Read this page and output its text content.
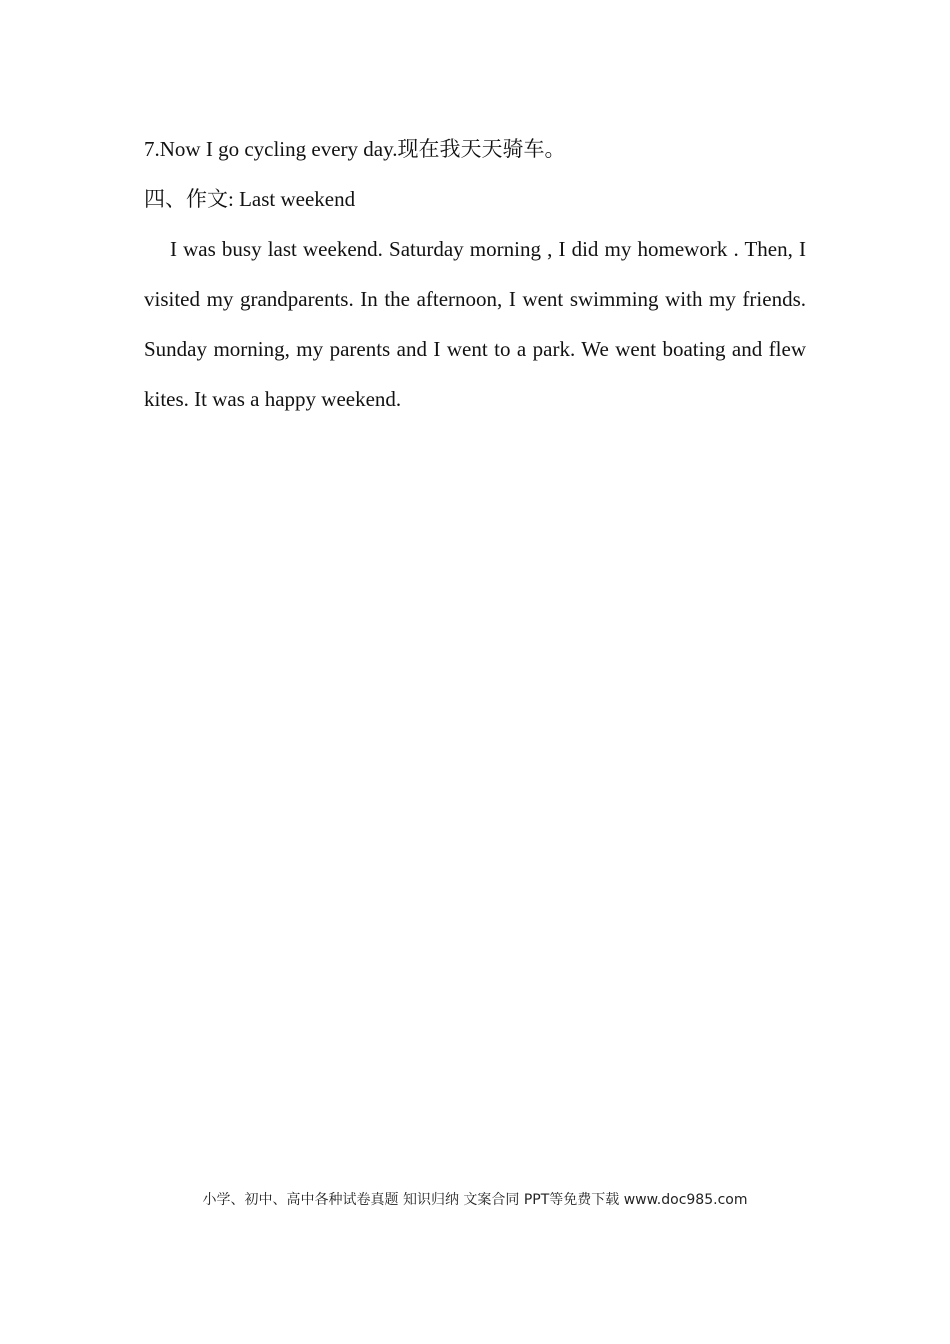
7.Now I go cycling every day.现在我天天骑车。
四、作文: Last weekend

I was busy last weekend. Saturday morning , I did my homework . Then, I visited my grandparents. In the afternoon, I went swimming with my friends. Sunday morning, my parents and I went to a park. We went boating and flew kites. It was a happy weekend.

小学、初中、高中各种试卷真题 知识归纳 文案合同 PPT等免费下载 www.doc985.com
